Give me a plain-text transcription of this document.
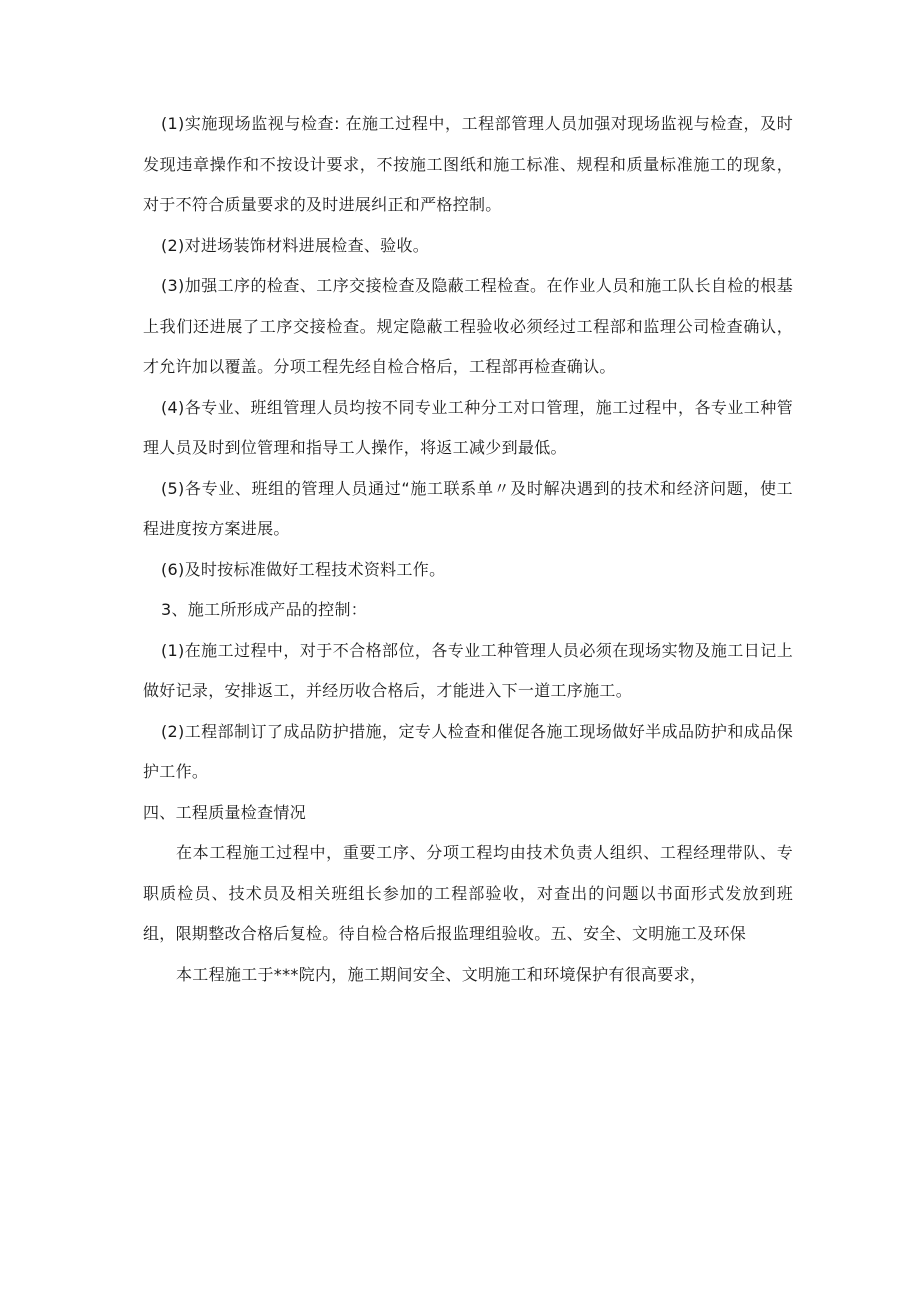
(1)实施现场监视与检查: 在施工过程中，工程部管理人员加强对现场监视与检查，及时发现违章操作和不按设计要求，不按施工图纸和施工标准、规程和质量标准施工的现象，对于不符合质量要求的及时进展纠正和严格控制。

(2)对进场装饰材料进展检查、验收。

(3)加强工序的检查、工序交接检查及隐蔽工程检查。在作业人员和施工队长自检的根基上我们还进展了工序交接检查。规定隐蔽工程验收必须经过工程部和监理公司检查确认，才允许加以覆盖。分项工程先经自检合格后，工程部再检查确认。

(4)各专业、班组管理人员均按不同专业工种分工对口管理，施工过程中，各专业工种管理人员及时到位管理和指导工人操作，将返工减少到最低。

(5)各专业、班组的管理人员通过“施工联系单〃及时解决遇到的技术和经济问题，使工程进度按方案进展。

(6)及时按标准做好工程技术资料工作。

3、施工所形成产品的控制：

(1)在施工过程中，对于不合格部位，各专业工种管理人员必须在现场实物及施工日记上做好记录，安排返工，并经历收合格后，才能进入下一道工序施工。

(2)工程部制订了成品防护措施，定专人检查和催促各施工现场做好半成品防护和成品保护工作。

四、工程质量检查情况

在本工程施工过程中，重要工序、分项工程均由技术负责人组织、工程经理带队、专职质检员、技术员及相关班组长参加的工程部验收，对查出的问题以书面形式发放到班组，限期整改合格后复检。待自检合格后报监理组验收。五、安全、文明施工及环保

本工程施工于***院内，施工期间安全、文明施工和环境保护有很高要求，
